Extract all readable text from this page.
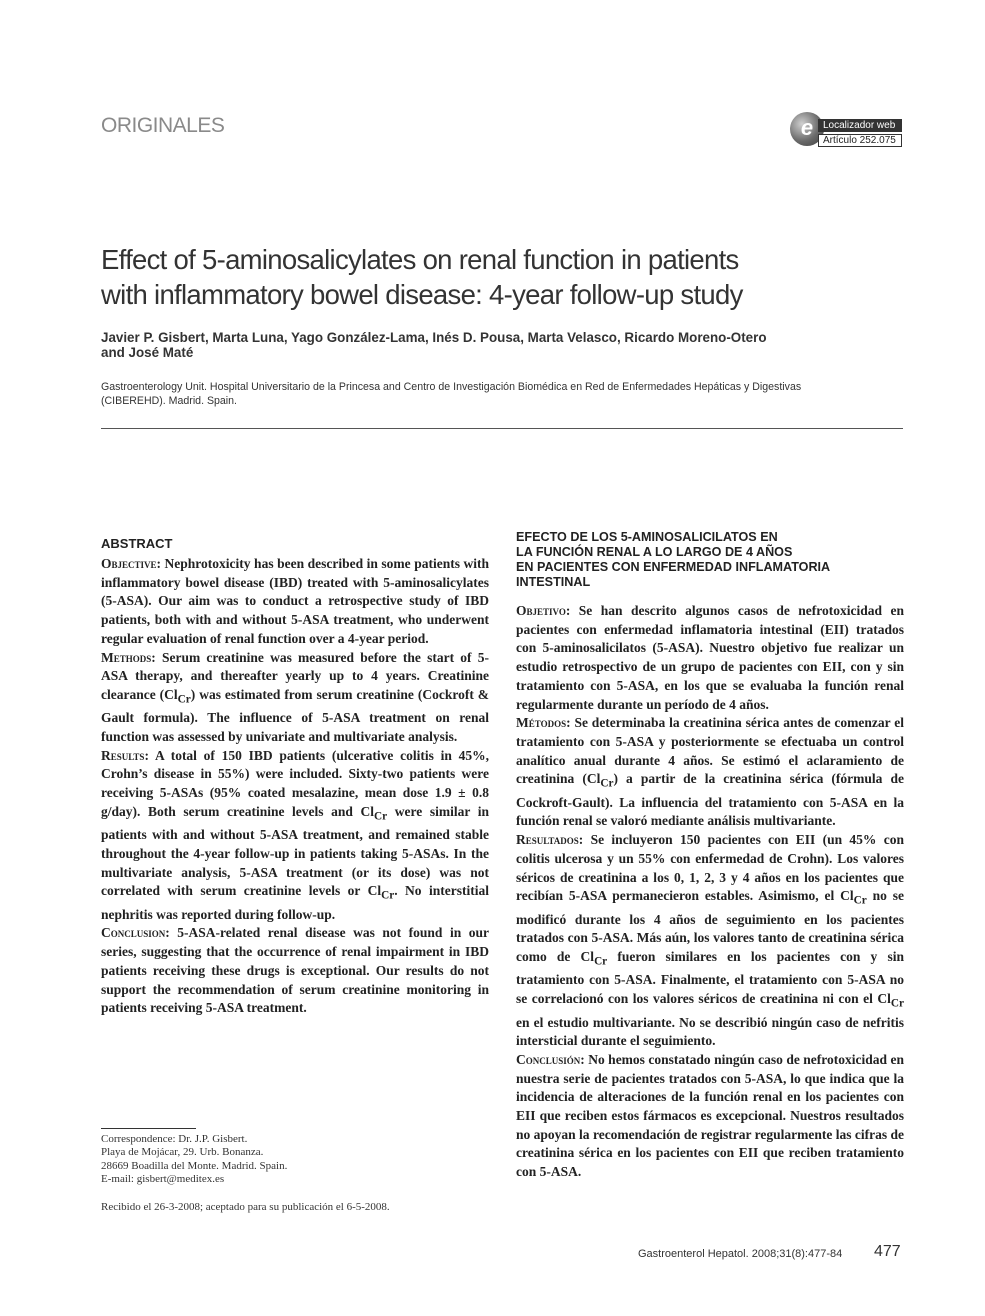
ORIGINALES	e Localizador web
Artículo 252.075
Effect of 5-aminosalicylates on renal function in patients
with inflammatory bowel disease: 4-year follow-up study
Javier P. Gisbert, Marta Luna, Yago González-Lama, Inés D. Pousa, Marta Velasco, Ricardo Moreno-Otero
and José Maté
Gastroenterology Unit. Hospital Universitario de la Princesa and Centro de Investigación Biomédica en Red de Enfermedades Hepáticas y Digestivas
(CIBEREHD). Madrid. Spain.
ABSTRACT

Objective: Nephrotoxicity has been described in some patients with inflammatory bowel disease (IBD) treated with 5-aminosalicylates (5-ASA). Our aim was to conduct a retrospective study of IBD patients, both with and without 5-ASA treatment, who underwent regular evaluation of renal function over a 4-year period.

Methods: Serum creatinine was measured before the start of 5-ASA therapy, and thereafter yearly up to 4 years. Creatinine clearance $(Cl_{Cr})$ was estimated from serum creatinine (Cockroft & Gault formula). The influence of 5-ASA treatment on renal function was assessed by univariate and multivariate analysis.

Results: A total of 150 IBD patients (ulcerative colitis in 45%, Crohn’s disease in 55%) were included. Sixty-two patients were receiving 5-ASAs (95% coated mesalazine, mean dose 1.9 ± 0.8 g/day). Both serum creatinine levels and $Cl_{Cr}$ were similar in patients with and without 5-ASA treatment, and remained stable throughout the 4-year follow-up in patients taking 5-ASAs. In the multivariate analysis, 5-ASA treatment (or its dose) was not correlated with serum creatinine levels or $Cl_{Cr}$. No interstitial nephritis was reported during follow-up.

Conclusion: 5-ASA-related renal disease was not found in our series, suggesting that the occurrence of renal impairment in IBD patients receiving these drugs is exceptional. Our results do not support the recommendation of serum creatinine monitoring in patients receiving 5-ASA treatment.

EFECTO DE LOS 5-AMINOSALICILATOS EN
LA FUNCIÓN RENAL A LO LARGO DE 4 AÑOS
EN PACIENTES CON ENFERMEDAD INFLAMATORIA
INTESTINAL

Objetivo: Se han descrito algunos casos de nefrotoxicidad en pacientes con enfermedad inflamatoria intestinal (EII) tratados con 5-aminosalicilatos (5-ASA). Nuestro objetivo fue realizar un estudio retrospectivo de un grupo de pacientes con EII, con y sin tratamiento con 5-ASA, en los que se evaluaba la función renal regularmente durante un período de 4 años.

Métodos: Se determinaba la creatinina sérica antes de comenzar el tratamiento con 5-ASA y posteriormente se efectuaba un control analítico anual durante 4 años. Se estimó el aclaramiento de creatinina $(Cl_{Cr})$ a partir de la creatinina sérica (fórmula de Cockroft-Gault). La influencia del tratamiento con 5-ASA en la función renal se valoró mediante análisis multivariante.

Resultados: Se incluyeron 150 pacientes con EII (un 45% con colitis ulcerosa y un 55% con enfermedad de Crohn). Los valores séricos de creatinina a los 0, 1, 2, 3 y 4 años en los pacientes que recibían 5-ASA permanecieron estables. Asimismo, el $Cl_{Cr}$ no se modificó durante los 4 años de seguimiento en los pacientes tratados con 5-ASA. Más aún, los valores tanto de creatinina sérica como de $Cl_{Cr}$ fueron similares en los pacientes con y sin tratamiento con 5-ASA. Finalmente, el tratamiento con 5-ASA no se correlacionó con los valores séricos de creatinina ni con el $Cl_{Cr}$ en el estudio multivariante. No se describió ningún caso de nefritis intersticial durante el seguimiento.

Conclusión: No hemos constatado ningún caso de nefrotoxicidad en nuestra serie de pacientes tratados con 5-ASA, lo que indica que la incidencia de alteraciones de la función renal en los pacientes con EII que reciben estos fármacos es excepcional. Nuestros resultados no apoyan la recomendación de registrar regularmente las cifras de creatinina sérica en los pacientes con EII que reciben tratamiento con 5-ASA.

Correspondence: Dr. J.P. Gisbert.
Playa de Mojácar, 29. Urb. Bonanza.
28669 Boadilla del Monte. Madrid. Spain.
E-mail: gisbert@meditex.es
Recibido el 26-3-2008; aceptado para su publicación el 6-5-2008.
Gastroenterol Hepatol. 2008;31(8):477-84 477
